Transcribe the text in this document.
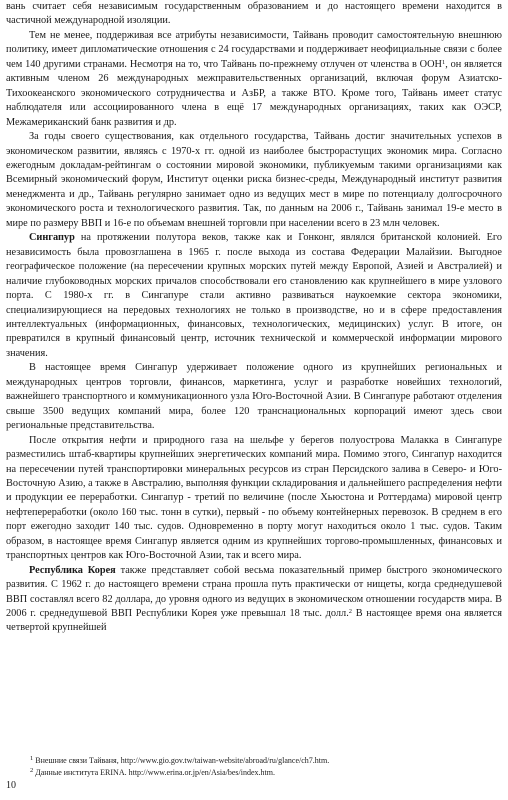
вань считает себя независимым государственным образованием и до настоящего времени находится в частичной международной изоляции.

Тем не менее, поддерживая все атрибуты независимости, Тайвань проводит самостоятельную внешнюю политику, имеет дипломатические отношения с 24 государствами и поддерживает неофициальные связи с более чем 140 другими странами. Несмотря на то, что Тайвань по-прежнему отлучен от членства в ООН$^1$, он является активным членом 26 международных межправительственных организаций, включая форум Азиатско-Тихоокеанского экономического сотрудничества и АзБР, а также ВТО. Кроме того, Тайвань имеет статус наблюдателя или ассоциированного члена в ещё 17 международных организациях, таких как ОЭСР, Межамериканский банк развития и др.

За годы своего существования, как отдельного государства, Тайвань достиг значительных успехов в экономическом развитии, являясь с 1970-х гг. одной из наиболее быстрорастущих экономик мира. Согласно ежегодным докладам-рейтингам о состоянии мировой экономики, публикуемым такими организациями как Всемирный экономический форум, Институт оценки риска бизнес-среды, Международный институт развития менеджмента и др., Тайвань регулярно занимает одно из ведущих мест в мире по потенциалу долгосрочного экономического роста и технологического развития. Так, по данным на 2006 г., Тайвань занимал 19-е место в мире по размеру ВВП и 16-е по объемам внешней торговли при населении всего в 23 млн человек.

Сингапур на протяжении полутора веков, также как и Гонконг, являлся британской колонией. Его независимость была провозглашена в 1965 г. после выхода из состава Федерации Малайзии. Выгодное географическое положение (на пересечении крупных морских путей между Европой, Азией и Австралией) и наличие глубоководных морских причалов способствовали его становлению как крупнейшего в мире узлового порта. С 1980-х гг. в Сингапуре стали активно развиваться наукоемкие сектора экономики, специализирующиеся на передовых технологиях не только в производстве, но и в сфере предоставления интеллектуальных (информационных, финансовых, технологических, медицинских) услуг. В итоге, он превратился в крупный финансовый центр, источник технической и коммерческой информации мирового значения.

В настоящее время Сингапур удерживает положение одного из крупнейших региональных и международных центров торговли, финансов, маркетинга, услуг и разработке новейших технологий, важнейшего транспортного и коммуникационного узла Юго-Восточной Азии. В Сингапуре работают отделения свыше 3500 ведущих компаний мира, более 120 транснациональных корпораций имеют здесь свои региональные представительства.

После открытия нефти и природного газа на шельфе у берегов полуострова Малакка в Сингапуре разместились штаб-квартиры крупнейших энергетических компаний мира. Помимо этого, Сингапур находится на пересечении путей транспортировки минеральных ресурсов из стран Персидского залива в Северо- и Юго-Восточную Азию, а также в Австралию, выполняя функции складирования и дальнейшего распределения нефти и продукции ее переработки. Сингапур - третий по величине (после Хьюстона и Роттердама) мировой центр нефтепереработки (около 160 тыс. тонн в сутки), первый - по объему контейнерных перевозок. В среднем в его порт ежегодно заходит 140 тыс. судов. Одновременно в порту могут находиться около 1 тыс. судов. Таким образом, в настоящее время Сингапур является одним из крупнейших торгово-промышленных, финансовых и транспортных центров как Юго-Восточной Азии, так и всего мира.

Республика Корея также представляет собой весьма показательный пример быстрого экономического развития. С 1962 г. до настоящего времени страна прошла путь практически от нищеты, когда среднедушевой ВВП составлял всего 82 доллара, до уровня одного из ведущих в экономическом отношении государств мира. В 2006 г. среднедушевой ВВП Республики Корея уже превышал 18 тыс. долл.$^2$ В настоящее время она является четвертой крупнейшей

$^1$ Внешние связи Тайваня, http://www.gio.gov.tw/taiwan-website/abroad/ru/glance/ch7.htm.
$^2$ Данные института ERINA. http://www.erina.or.jp/en/Asia/bes/index.htm.
10
